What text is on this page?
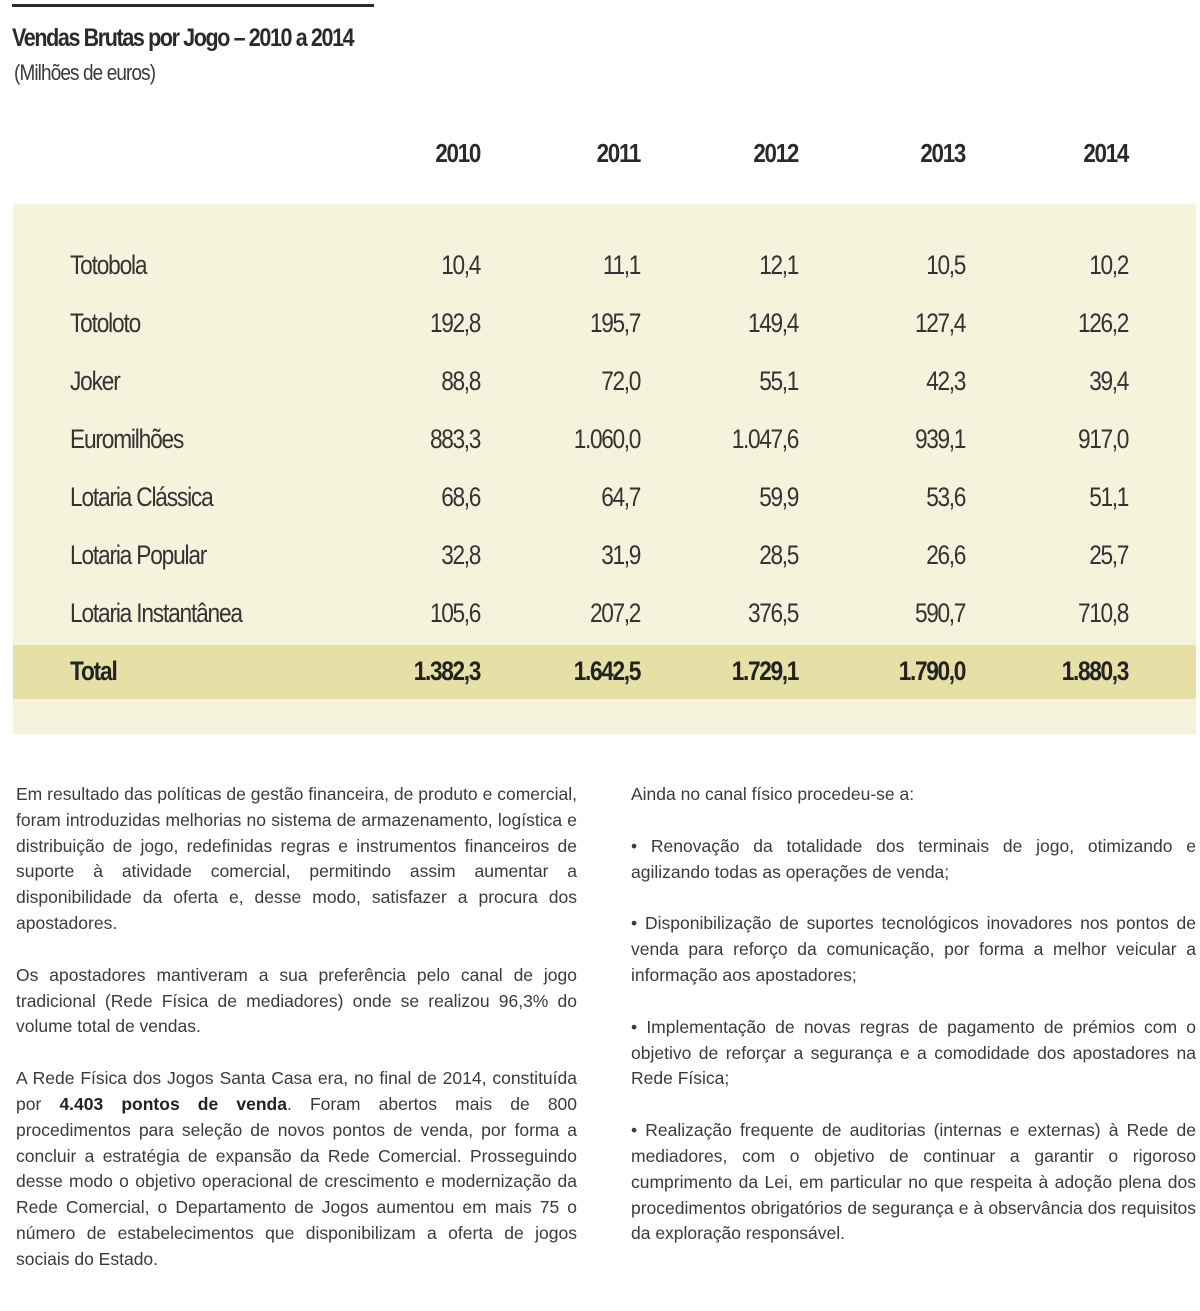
Vendas Brutas por Jogo – 2010 a 2014
(Milhões de euros)
2010	2011	2012	2013	2014
Totobola	10,4	11,1	12,1	10,5	10,2
Totoloto	192,8	195,7	149,4	127,4	126,2
Joker	88,8	72,0	55,1	42,3	39,4
Euromilhões	883,3	1.060,0	1.047,6	939,1	917,0
Lotaria Clássica	68,6	64,7	59,9	53,6	51,1
Lotaria Popular	32,8	31,9	28,5	26,6	25,7
Lotaria Instantânea	105,6	207,2	376,5	590,7	710,8
Total	1.382,3	1.642,5	1.729,1	1.790,0	1.880,3

Em resultado das políticas de gestão financeira, de produto e comercial, foram introduzidas melhorias no sistema de armazenamento, logística e distribuição de jogo, redefinidas regras e instrumentos financeiros de suporte à atividade comercial, permitindo assim aumentar a disponibilidade da oferta e, desse modo, satisfazer a procura dos apostadores.

Os apostadores mantiveram a sua preferência pelo canal de jogo tradicional (Rede Física de mediadores) onde se realizou 96,3% do volume total de vendas.

A Rede Física dos Jogos Santa Casa era, no final de 2014, constituída por 4.403 pontos de venda. Foram abertos mais de 800 procedimentos para seleção de novos pontos de venda, por forma a concluir a estratégia de expansão da Rede Comercial. Prosseguindo desse modo o objetivo operacional de crescimento e modernização da Rede Comercial, o Departamento de Jogos aumentou em mais 75 o número de estabelecimentos que disponibilizam a oferta de jogos sociais do Estado.

Ainda no canal físico procedeu-se a:

• Renovação da totalidade dos terminais de jogo, otimizando e agilizando todas as operações de venda;

• Disponibilização de suportes tecnológicos inovadores nos pontos de venda para reforço da comunicação, por forma a melhor veicular a informação aos apostadores;

• Implementação de novas regras de pagamento de prémios com o objetivo de reforçar a segurança e a comodidade dos apostadores na Rede Física;

• Realização frequente de auditorias (internas e externas) à Rede de mediadores, com o objetivo de continuar a garantir o rigoroso cumprimento da Lei, em particular no que respeita à adoção plena dos procedimentos obrigatórios de segurança e à observância dos requisitos da exploração responsável.
